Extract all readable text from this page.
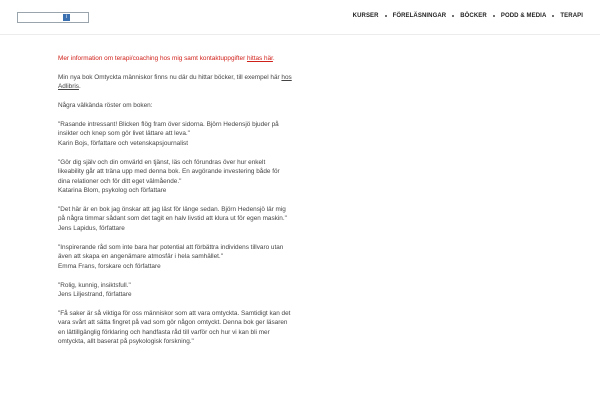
i	KURSER FÖRELÄSNINGAR BÖCKER PODD & MEDIA TERAPI

Mer information om terapi/coaching hos mig samt kontaktuppgifter hittas här.

Min nya bok Omtyckta människor finns nu där du hittar böcker, till exempel här hos Adlibris.

Några välkända röster om boken:

"Rasande intressant! Blicken flög fram över sidorna. Björn Hedensjö bjuder på
insikter och knep som gör livet lättare att leva."
Karin Bojs, författare och vetenskapsjournalist
"Gör dig själv och din omvärld en tjänst, läs och förundras över hur enkelt
likeability går att träna upp med denna bok. En avgörande investering både för
dina relationer och för ditt eget välmående."
Katarina Blom, psykolog och författare
"Det här är en bok jag önskar att jag läst för länge sedan. Björn Hedensjö lär mig
på några timmar sådant som det tagit en halv livstid att klura ut för egen maskin."
Jens Lapidus, författare
"Inspirerande råd som inte bara har potential att förbättra individens tillvaro utan
även att skapa en angenämare atmosfär i hela samhället."
Emma Frans, forskare och författare
"Rolig, kunnig, insiktsfull."
Jens Liljestrand, författare
"Få saker är så viktiga för oss människor som att vara omtyckta. Samtidigt kan det
vara svårt att sätta fingret på vad som gör någon omtyckt. Denna bok ger läsaren
en lättillgänglig förklaring och handfasta råd till varför och hur vi kan bli mer
omtyckta, allt baserat på psykologisk forskning."
